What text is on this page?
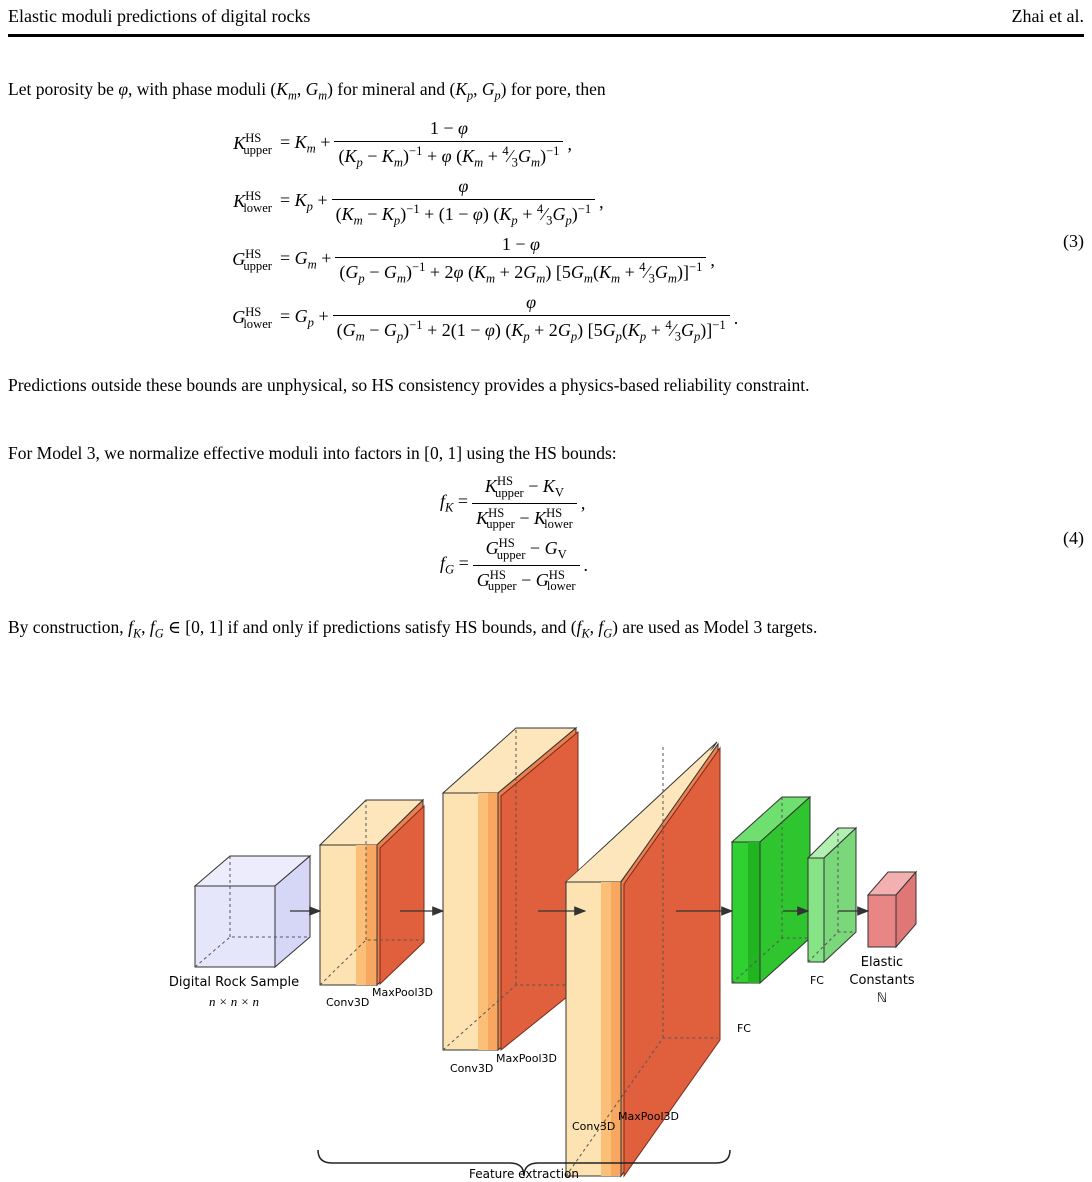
Elastic moduli predictions of digital rocks	Zhai et al.
Let porosity be φ, with phase moduli ($K_m$, $G_m$) for mineral and ($K_p$, $G_p$) for pore, then
$K^{HS}_{upper} = K_m + \frac{1 - \varphi}{(K_p - K_m)^{-1} + \varphi (K_m + ^4⁄_3G_m)^{-1}}$ ,
$K^{HS}_{lower} = K_p + \frac{\varphi}{(K_m - K_p)^{-1} + (1 - \varphi) (K_p + ^4⁄_3G_p)^{-1}}$ ,
$G^{HS}_{upper} = G_m + \frac{1 - \varphi}{(G_p - G_m)^{-1} + 2\varphi (K_m + 2G_m) [5G_m(K_m + ^4⁄_3G_m)]^{-1}}$ ,
$G^{HS}_{lower} = G_p + \frac{\varphi}{(G_m - G_p)^{-1} + 2(1 - \varphi) (K_p + 2G_p) [5G_p(K_p + ^4⁄_3G_p)]^{-1}}$ .
(3)
Predictions outside these bounds are unphysical, so HS consistency provides a physics-based reliability constraint.
For Model 3, we normalize effective moduli into factors in [0, 1] using the HS bounds:
$f_K = \frac{K^{HS}_{upper} - K_V}{K^{HS}_{upper} - K^{HS}_{lower}}$ ,
$f_G = \frac{G^{HS}_{upper} - G_V}{G^{HS}_{upper} - G^{HS}_{lower}}$ .
(4)
By construction, $f_K$, $f_G$ ∈ [0, 1] if and only if predictions satisfy HS bounds, and ($f_K$, $f_G$) are used as Model 3 targets.
Digital Rock Sample
n × n × n	Conv3D
MaxPool3D
Conv3D
MaxPool3D
Conv3D
MaxPool3D
FC
FC
Elastic
Constants
ℕ
Feature extraction
